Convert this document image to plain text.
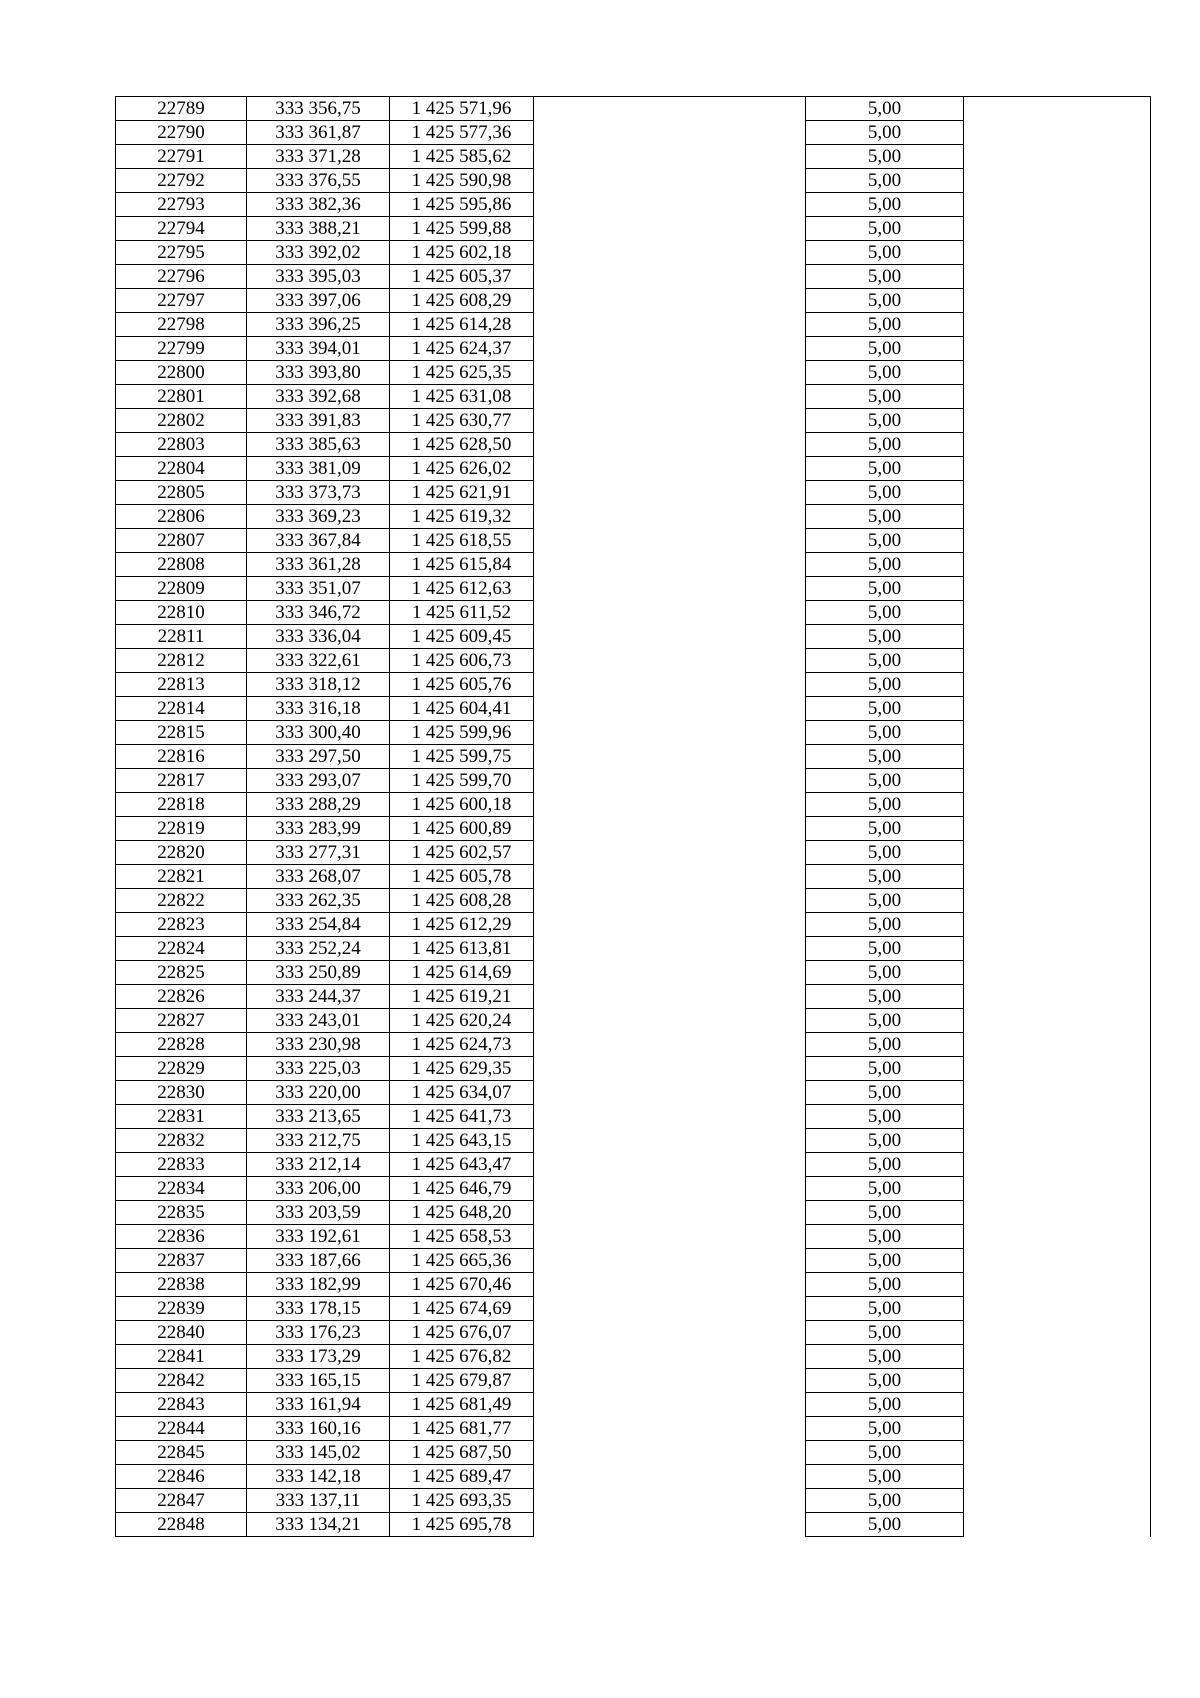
22789	333 356,75	1 425 571,96		5,00	
22790	333 361,87	1 425 577,36		5,00	
22791	333 371,28	1 425 585,62		5,00	
22792	333 376,55	1 425 590,98		5,00	
22793	333 382,36	1 425 595,86		5,00	
22794	333 388,21	1 425 599,88		5,00	
22795	333 392,02	1 425 602,18		5,00	
22796	333 395,03	1 425 605,37		5,00	
22797	333 397,06	1 425 608,29		5,00	
22798	333 396,25	1 425 614,28		5,00	
22799	333 394,01	1 425 624,37		5,00	
22800	333 393,80	1 425 625,35		5,00	
22801	333 392,68	1 425 631,08		5,00	
22802	333 391,83	1 425 630,77		5,00	
22803	333 385,63	1 425 628,50		5,00	
22804	333 381,09	1 425 626,02		5,00	
22805	333 373,73	1 425 621,91		5,00	
22806	333 369,23	1 425 619,32		5,00	
22807	333 367,84	1 425 618,55		5,00	
22808	333 361,28	1 425 615,84		5,00	
22809	333 351,07	1 425 612,63		5,00	
22810	333 346,72	1 425 611,52		5,00	
22811	333 336,04	1 425 609,45		5,00	
22812	333 322,61	1 425 606,73		5,00	
22813	333 318,12	1 425 605,76		5,00	
22814	333 316,18	1 425 604,41		5,00	
22815	333 300,40	1 425 599,96		5,00	
22816	333 297,50	1 425 599,75		5,00	
22817	333 293,07	1 425 599,70		5,00	
22818	333 288,29	1 425 600,18		5,00	
22819	333 283,99	1 425 600,89		5,00	
22820	333 277,31	1 425 602,57		5,00	
22821	333 268,07	1 425 605,78		5,00	
22822	333 262,35	1 425 608,28		5,00	
22823	333 254,84	1 425 612,29		5,00	
22824	333 252,24	1 425 613,81		5,00	
22825	333 250,89	1 425 614,69		5,00	
22826	333 244,37	1 425 619,21		5,00	
22827	333 243,01	1 425 620,24		5,00	
22828	333 230,98	1 425 624,73		5,00	
22829	333 225,03	1 425 629,35		5,00	
22830	333 220,00	1 425 634,07		5,00	
22831	333 213,65	1 425 641,73		5,00	
22832	333 212,75	1 425 643,15		5,00	
22833	333 212,14	1 425 643,47		5,00	
22834	333 206,00	1 425 646,79		5,00	
22835	333 203,59	1 425 648,20		5,00	
22836	333 192,61	1 425 658,53		5,00	
22837	333 187,66	1 425 665,36		5,00	
22838	333 182,99	1 425 670,46		5,00	
22839	333 178,15	1 425 674,69		5,00	
22840	333 176,23	1 425 676,07		5,00	
22841	333 173,29	1 425 676,82		5,00	
22842	333 165,15	1 425 679,87		5,00	
22843	333 161,94	1 425 681,49		5,00	
22844	333 160,16	1 425 681,77		5,00	
22845	333 145,02	1 425 687,50		5,00	
22846	333 142,18	1 425 689,47		5,00	
22847	333 137,11	1 425 693,35		5,00	
22848	333 134,21	1 425 695,78		5,00	
